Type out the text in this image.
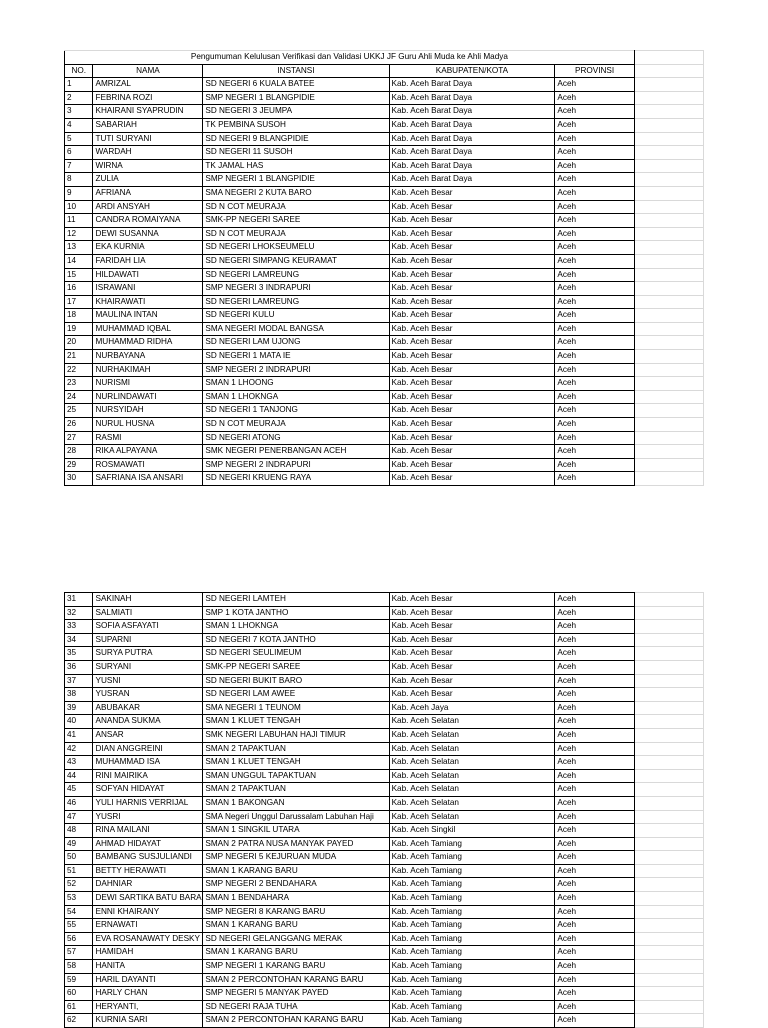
Pengumuman Kelulusan Verifikasi dan Validasi UKKJ JF Guru Ahli Muda ke Ahli Madya					
NO.	NAMA	INSTANSI	KABUPATEN/KOTA	PROVINSI	
1	AMRIZAL	SD NEGERI 6 KUALA BATEE	Kab. Aceh Barat Daya	Aceh	
2	FEBRINA ROZI	SMP NEGERI 1 BLANGPIDIE	Kab. Aceh Barat Daya	Aceh	
3	KHAIRANI SYAPRUDIN	SD NEGERI 3 JEUMPA	Kab. Aceh Barat Daya	Aceh	
4	SABARIAH	TK PEMBINA SUSOH	Kab. Aceh Barat Daya	Aceh	
5	TUTI SURYANI	SD NEGERI 9 BLANGPIDIE	Kab. Aceh Barat Daya	Aceh	
6	WARDAH	SD NEGERI 11 SUSOH	Kab. Aceh Barat Daya	Aceh	
7	WIRNA	TK JAMAL HAS	Kab. Aceh Barat Daya	Aceh	
8	ZULIA	SMP NEGERI 1 BLANGPIDIE	Kab. Aceh Barat Daya	Aceh	
9	AFRIANA	SMA NEGERI 2 KUTA BARO	Kab. Aceh Besar	Aceh	
10	ARDI ANSYAH	SD N COT MEURAJA	Kab. Aceh Besar	Aceh	
11	CANDRA ROMAIYANA	SMK-PP NEGERI SAREE	Kab. Aceh Besar	Aceh	
12	DEWI SUSANNA	SD N COT MEURAJA	Kab. Aceh Besar	Aceh	
13	EKA KURNIA	SD NEGERI LHOKSEUMELU	Kab. Aceh Besar	Aceh	
14	FARIDAH LIA	SD NEGERI SIMPANG KEURAMAT	Kab. Aceh Besar	Aceh	
15	HILDAWATI	SD NEGERI LAMREUNG	Kab. Aceh Besar	Aceh	
16	ISRAWANI	SMP NEGERI 3 INDRAPURI	Kab. Aceh Besar	Aceh	
17	KHAIRAWATI	SD NEGERI LAMREUNG	Kab. Aceh Besar	Aceh	
18	MAULINA INTAN	SD NEGERI KULU	Kab. Aceh Besar	Aceh	
19	MUHAMMAD IQBAL	SMA NEGERI MODAL BANGSA	Kab. Aceh Besar	Aceh	
20	MUHAMMAD RIDHA	SD NEGERI LAM UJONG	Kab. Aceh Besar	Aceh	
21	NURBAYANA	SD NEGERI 1 MATA IE	Kab. Aceh Besar	Aceh	
22	NURHAKIMAH	SMP NEGERI 2 INDRAPURI	Kab. Aceh Besar	Aceh	
23	NURISMI	SMAN 1 LHOONG	Kab. Aceh Besar	Aceh	
24	NURLINDAWATI	SMAN 1 LHOKNGA	Kab. Aceh Besar	Aceh	
25	NURSYIDAH	SD NEGERI 1 TANJONG	Kab. Aceh Besar	Aceh	
26	NURUL HUSNA	SD N COT MEURAJA	Kab. Aceh Besar	Aceh	
27	RASMI	SD NEGERI ATONG	Kab. Aceh Besar	Aceh	
28	RIKA ALPAYANA	SMK NEGERI PENERBANGAN ACEH	Kab. Aceh Besar	Aceh	
29	ROSMAWATI	SMP NEGERI 2 INDRAPURI	Kab. Aceh Besar	Aceh	
30	SAFRIANA ISA ANSARI	SD NEGERI KRUENG RAYA	Kab. Aceh Besar	Aceh	
31	SAKINAH	SD NEGERI LAMTEH	Kab. Aceh Besar	Aceh	
32	SALMIATI	SMP 1 KOTA JANTHO	Kab. Aceh Besar	Aceh	
33	SOFIA ASFAYATI	SMAN 1 LHOKNGA	Kab. Aceh Besar	Aceh	
34	SUPARNI	SD NEGERI 7 KOTA JANTHO	Kab. Aceh Besar	Aceh	
35	SURYA PUTRA	SD NEGERI SEULIMEUM	Kab. Aceh Besar	Aceh	
36	SURYANI	SMK-PP NEGERI SAREE	Kab. Aceh Besar	Aceh	
37	YUSNI	SD NEGERI BUKIT BARO	Kab. Aceh Besar	Aceh	
38	YUSRAN	SD NEGERI LAM AWEE	Kab. Aceh Besar	Aceh	
39	ABUBAKAR	SMA NEGERI 1 TEUNOM	Kab. Aceh Jaya	Aceh	
40	ANANDA SUKMA	SMAN 1 KLUET TENGAH	Kab. Aceh Selatan	Aceh	
41	ANSAR	SMK NEGERI LABUHAN HAJI TIMUR	Kab. Aceh Selatan	Aceh	
42	DIAN ANGGREINI	SMAN 2 TAPAKTUAN	Kab. Aceh Selatan	Aceh	
43	MUHAMMAD ISA	SMAN 1 KLUET TENGAH	Kab. Aceh Selatan	Aceh	
44	RINI MAIRIKA	SMAN UNGGUL TAPAKTUAN	Kab. Aceh Selatan	Aceh	
45	SOFYAN HIDAYAT	SMAN 2 TAPAKTUAN	Kab. Aceh Selatan	Aceh	
46	YULI HARNIS VERRIJAL	SMAN 1 BAKONGAN	Kab. Aceh Selatan	Aceh	
47	YUSRI	SMA Negeri Unggul Darussalam Labuhan Haji	Kab. Aceh Selatan	Aceh	
48	RINA MAILANI	SMAN 1 SINGKIL UTARA	Kab. Aceh Singkil	Aceh	
49	AHMAD HIDAYAT	SMAN 2 PATRA NUSA MANYAK PAYED	Kab. Aceh Tamiang	Aceh	
50	BAMBANG SUSJULIANDI	SMP NEGERI 5 KEJURUAN MUDA	Kab. Aceh Tamiang	Aceh	
51	BETTY HERAWATI	SMAN 1 KARANG BARU	Kab. Aceh Tamiang	Aceh	
52	DAHNIAR	SMP NEGERI 2 BENDAHARA	Kab. Aceh Tamiang	Aceh	
53	DEWI SARTIKA BATU BARA	SMAN 1 BENDAHARA	Kab. Aceh Tamiang	Aceh	
54	ENNI KHAIRANY	SMP NEGERI 8 KARANG BARU	Kab. Aceh Tamiang	Aceh	
55	ERNAWATI	SMAN 1 KARANG BARU	Kab. Aceh Tamiang	Aceh	
56	EVA ROSANAWATY DESKY	SD NEGERI GELANGGANG MERAK	Kab. Aceh Tamiang	Aceh	
57	HAMIDAH	SMAN 1 KARANG BARU	Kab. Aceh Tamiang	Aceh	
58	HANITA	SMP NEGERI 1 KARANG BARU	Kab. Aceh Tamiang	Aceh	
59	HARIL DAYANTI	SMAN 2 PERCONTOHAN KARANG BARU	Kab. Aceh Tamiang	Aceh	
60	HARLY CHAN	SMP NEGERI 5 MANYAK PAYED	Kab. Aceh Tamiang	Aceh	
61	HERYANTI,	SD NEGERI RAJA TUHA	Kab. Aceh Tamiang	Aceh	
62	KURNIA SARI	SMAN 2 PERCONTOHAN KARANG BARU	Kab. Aceh Tamiang	Aceh	
